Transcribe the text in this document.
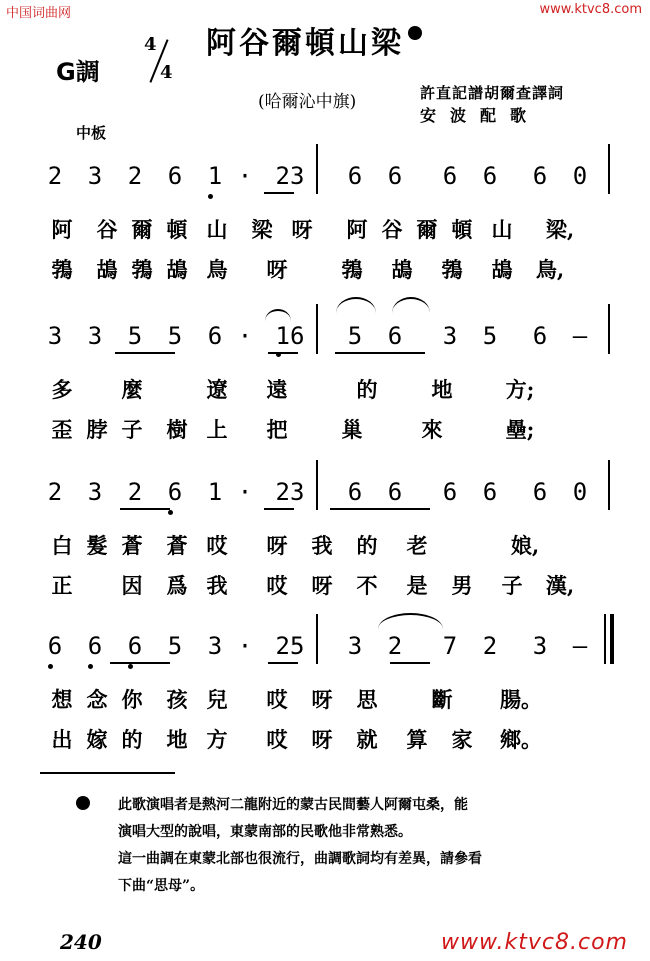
中国词曲网	www.ktvc8.com
www.ktvc8.com
G調
4
4
阿谷爾頓山梁
(哈爾沁中旗)	許直記譜胡爾查譯詞
安波配歌
中板
2 3 2 6 1 · 23 6 6 6 6 6 0
阿 谷 爾 頓 山 梁 呀 阿 谷 爾 頓 山 梁,
鵓 鴣 鵓 鴣 鳥 呀	鵓 鴣 鵓 鴣 鳥,
3 3 5 5 6 · 16 5 6 3 5 6 —
多 麼	遼 遠	的	地	方;
歪 脖 子 樹 上 把	巢	來	壘;
2 3 2 6 1 · 23 6 6 6 6 6 0
白 髮 蒼 蒼 哎 呀 我 的 老	娘,
正 因 爲 我 哎 呀 不 是 男 子 漢,
6 6 6 5 3 · 25 3 2 7 2 3 —
想 念 你 孩 兒 哎 呀 思	斷 腸。
出 嫁 的 地 方 哎 呀 就 算 家 鄉。
此歌演唱者是熱河二龍附近的蒙古民間藝人阿爾屯桑，能
演唱大型的說唱，東蒙南部的民歌他非常熟悉。
這一曲調在東蒙北部也很流行，曲調歌詞均有差異，請參看
下曲“思母”。
240
